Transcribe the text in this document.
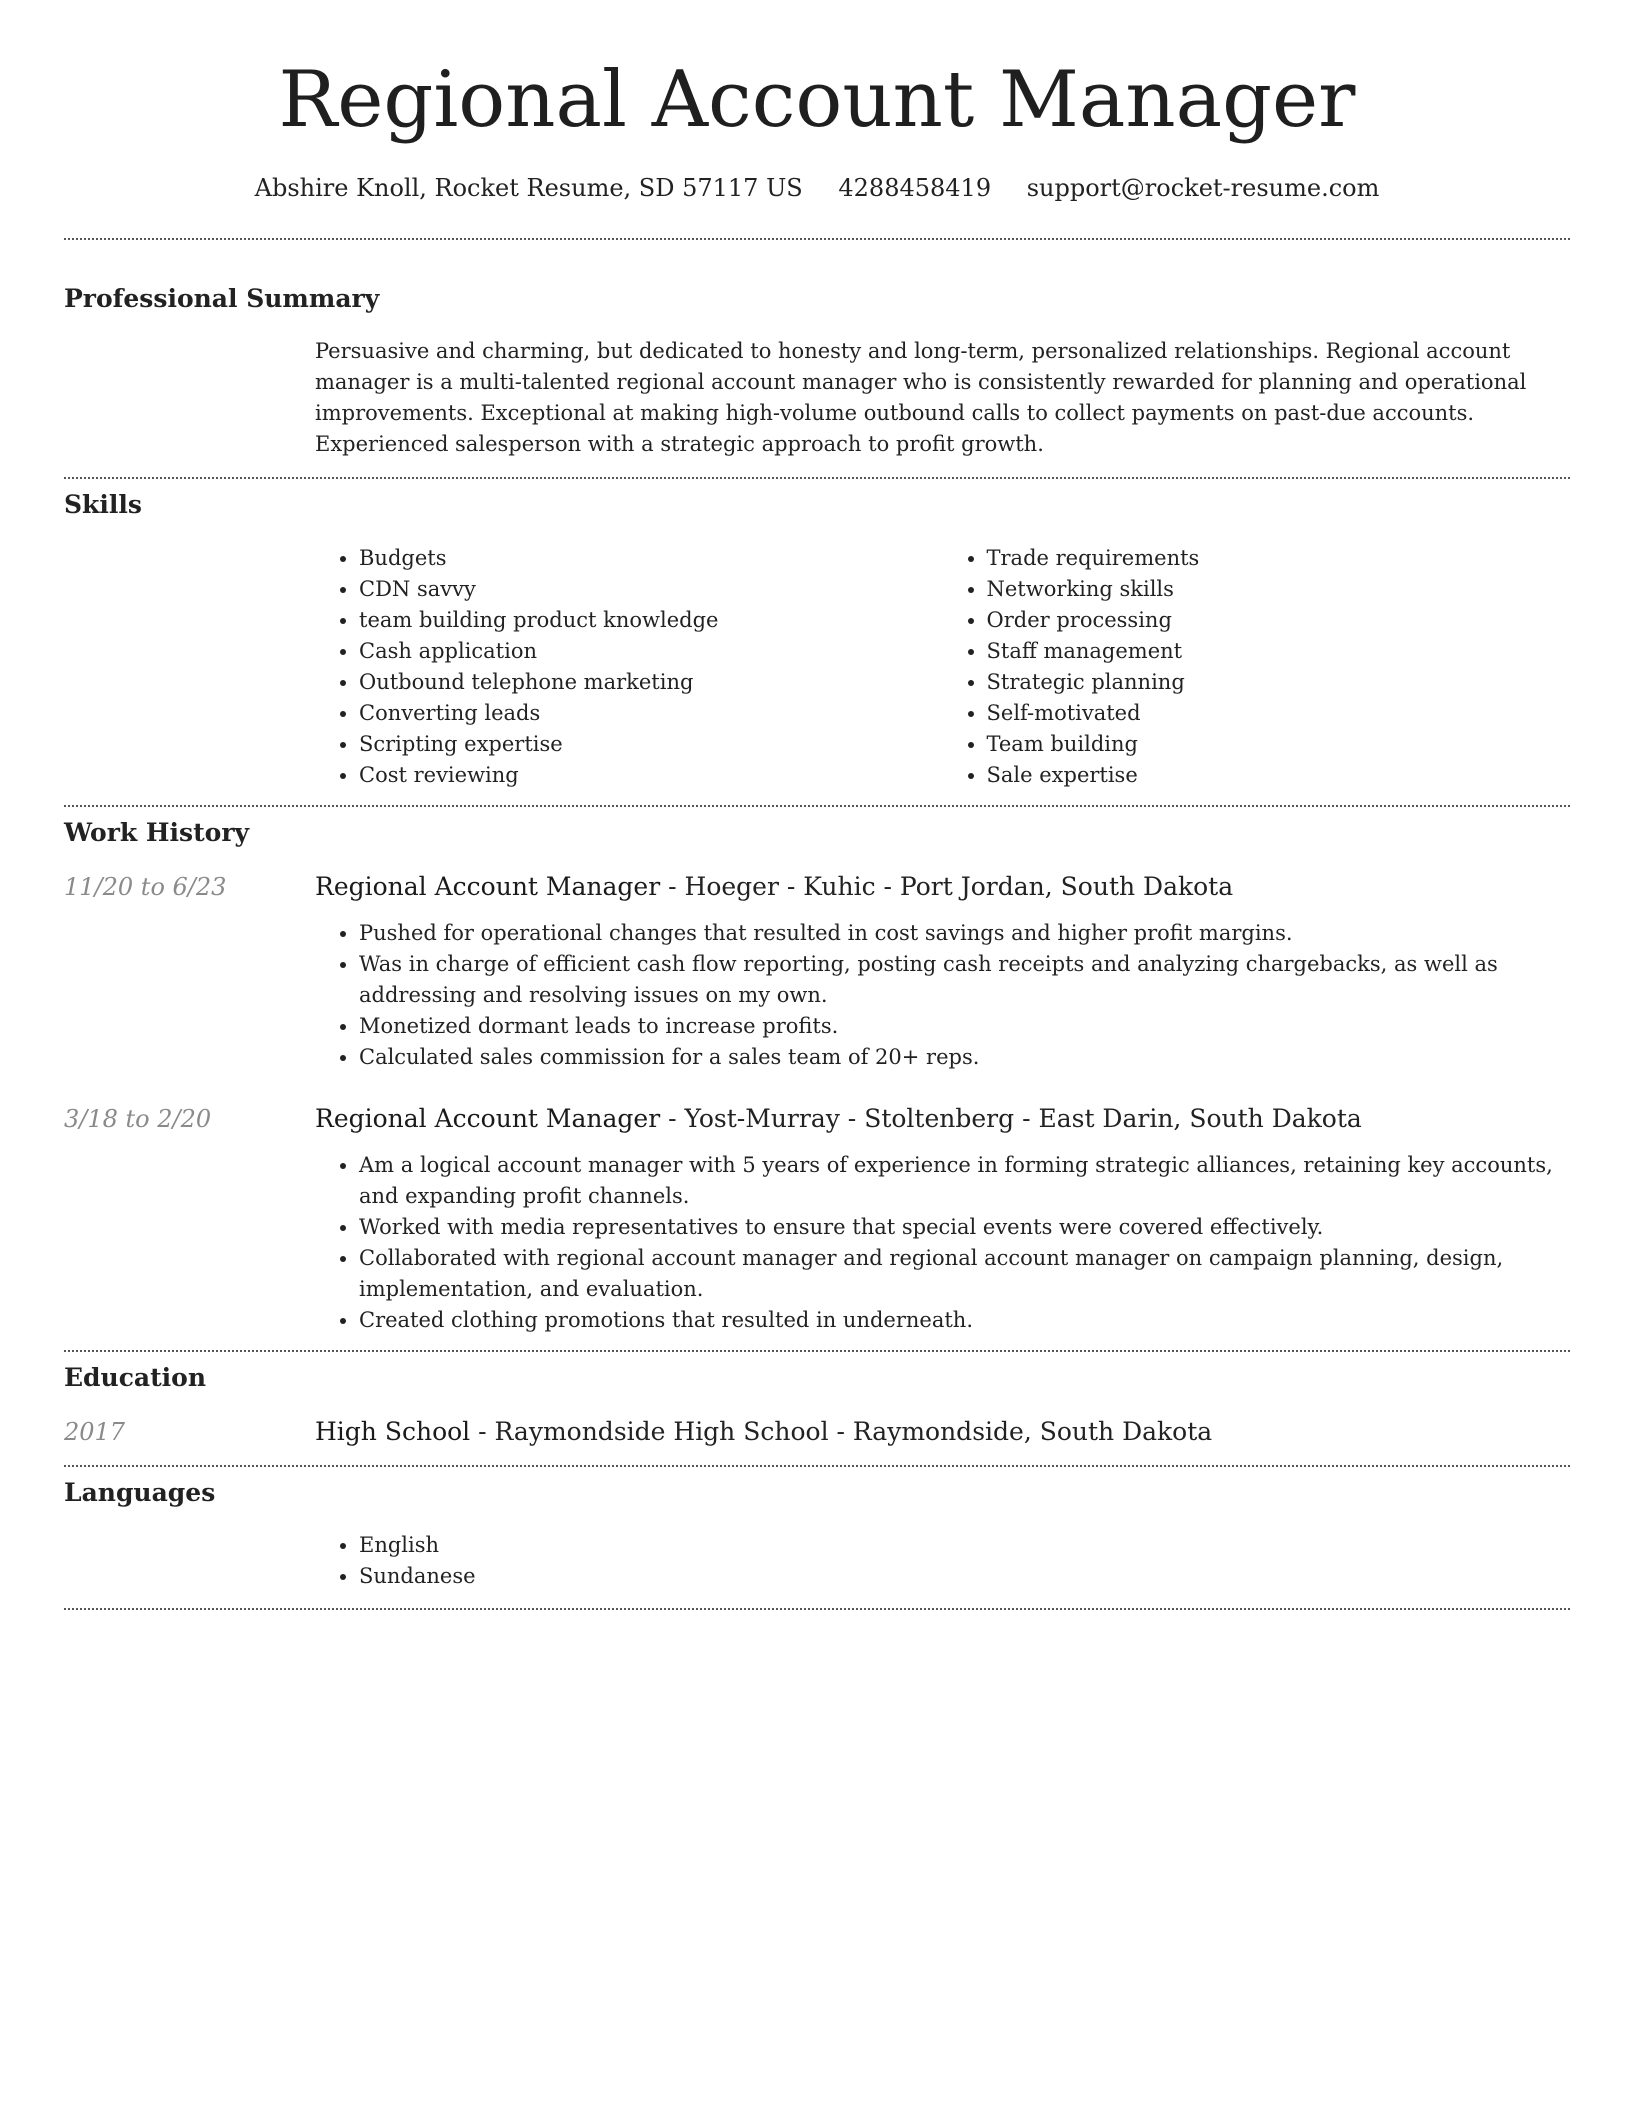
Regional Account Manager
Abshire Knoll, Rocket Resume, SD 57117 US 4288458419 support@rocket-resume.com
Professional Summary

Persuasive and charming, but dedicated to honesty and long-term, personalized relationships. Regional account manager is a multi-talented regional account manager who is consistently rewarded for planning and operational improvements. Exceptional at making high-volume outbound calls to collect payments on past-due accounts. Experienced salesperson with a strategic approach to profit growth.

Skills
• Budgets
• CDN savvy
• team building product knowledge
• Cash application
• Outbound telephone marketing
• Converting leads
• Scripting expertise
• Cost reviewing
• Trade requirements
• Networking skills
• Order processing
• Staff management
• Strategic planning
• Self-motivated
• Team building
• Sale expertise
Work History
11/20 to 6/23	Regional Account Manager - Hoeger - Kuhic - Port Jordan, South Dakota
• Pushed for operational changes that resulted in cost savings and higher profit margins.
• Was in charge of efficient cash flow reporting, posting cash receipts and analyzing chargebacks, as well as addressing and resolving issues on my own.
• Monetized dormant leads to increase profits.
• Calculated sales commission for a sales team of 20+ reps.
3/18 to 2/20	Regional Account Manager - Yost-Murray - Stoltenberg - East Darin, South Dakota
• Am a logical account manager with 5 years of experience in forming strategic alliances, retaining key accounts, and expanding profit channels.
• Worked with media representatives to ensure that special events were covered effectively.
• Collaborated with regional account manager and regional account manager on campaign planning, design, implementation, and evaluation.
• Created clothing promotions that resulted in underneath.
Education
2017	High School - Raymondside High School - Raymondside, South Dakota
Languages
• English
• Sundanese
